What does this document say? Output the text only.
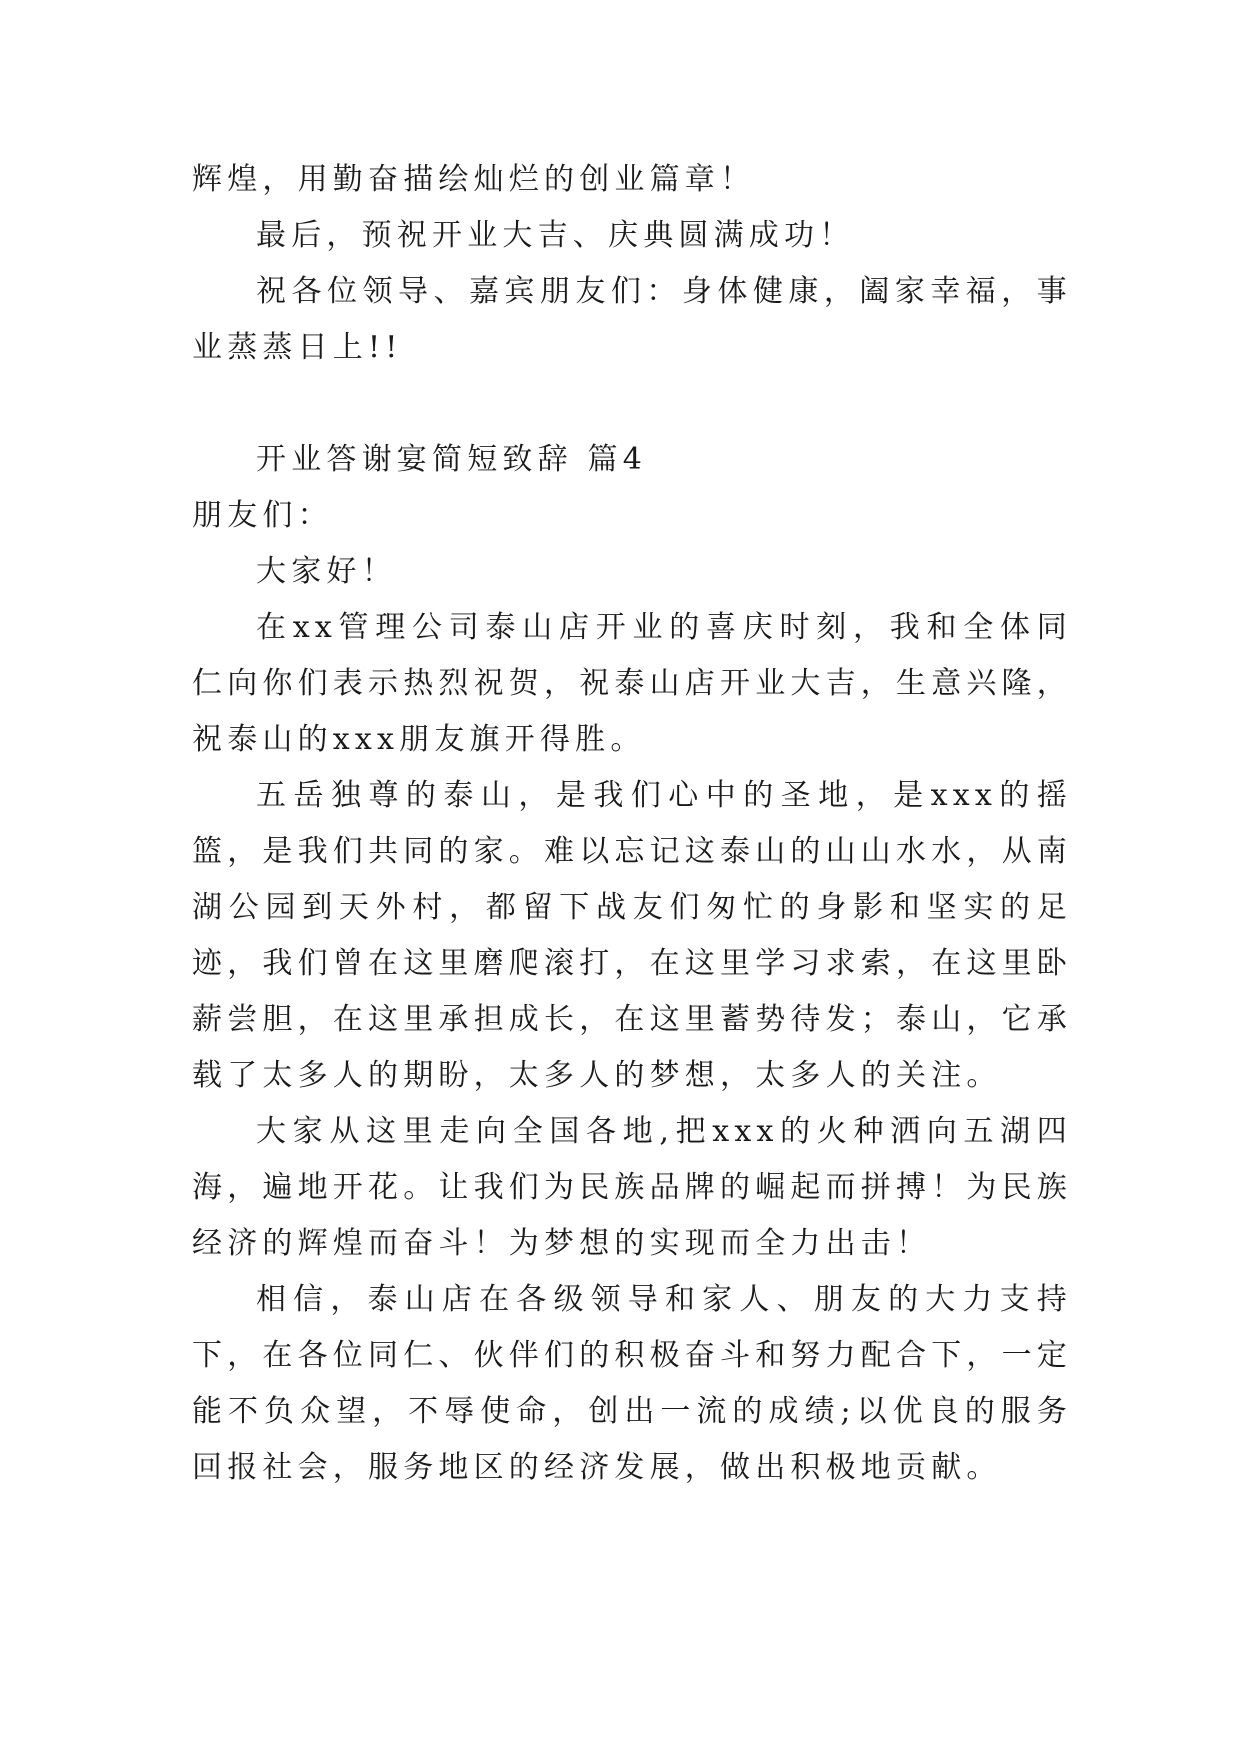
辉煌，用勤奋描绘灿烂的创业篇章！

最后，预祝开业大吉、庆典圆满成功！

祝各位领导、嘉宾朋友们：身体健康，阖家幸福，事业蒸蒸日上!!

开业答谢宴简短致辞 篇4

朋友们：

大家好！

在xx管理公司泰山店开业的喜庆时刻，我和全体同仁向你们表示热烈祝贺，祝泰山店开业大吉，生意兴隆，祝泰山的xxx朋友旗开得胜。

五岳独尊的泰山，是我们心中的圣地，是xxx的摇篮，是我们共同的家。难以忘记这泰山的山山水水，从南湖公园到天外村，都留下战友们匆忙的身影和坚实的足迹，我们曾在这里磨爬滚打，在这里学习求索，在这里卧薪尝胆，在这里承担成长，在这里蓄势待发；泰山，它承载了太多人的期盼，太多人的梦想，太多人的关注。

大家从这里走向全国各地,把xxx的火种洒向五湖四海，遍地开花。让我们为民族品牌的崛起而拼搏！为民族经济的辉煌而奋斗！为梦想的实现而全力出击！

相信，泰山店在各级领导和家人、朋友的大力支持下，在各位同仁、伙伴们的积极奋斗和努力配合下，一定能不负众望，不辱使命，创出一流的成绩;以优良的服务回报社会，服务地区的经济发展，做出积极地贡献。
